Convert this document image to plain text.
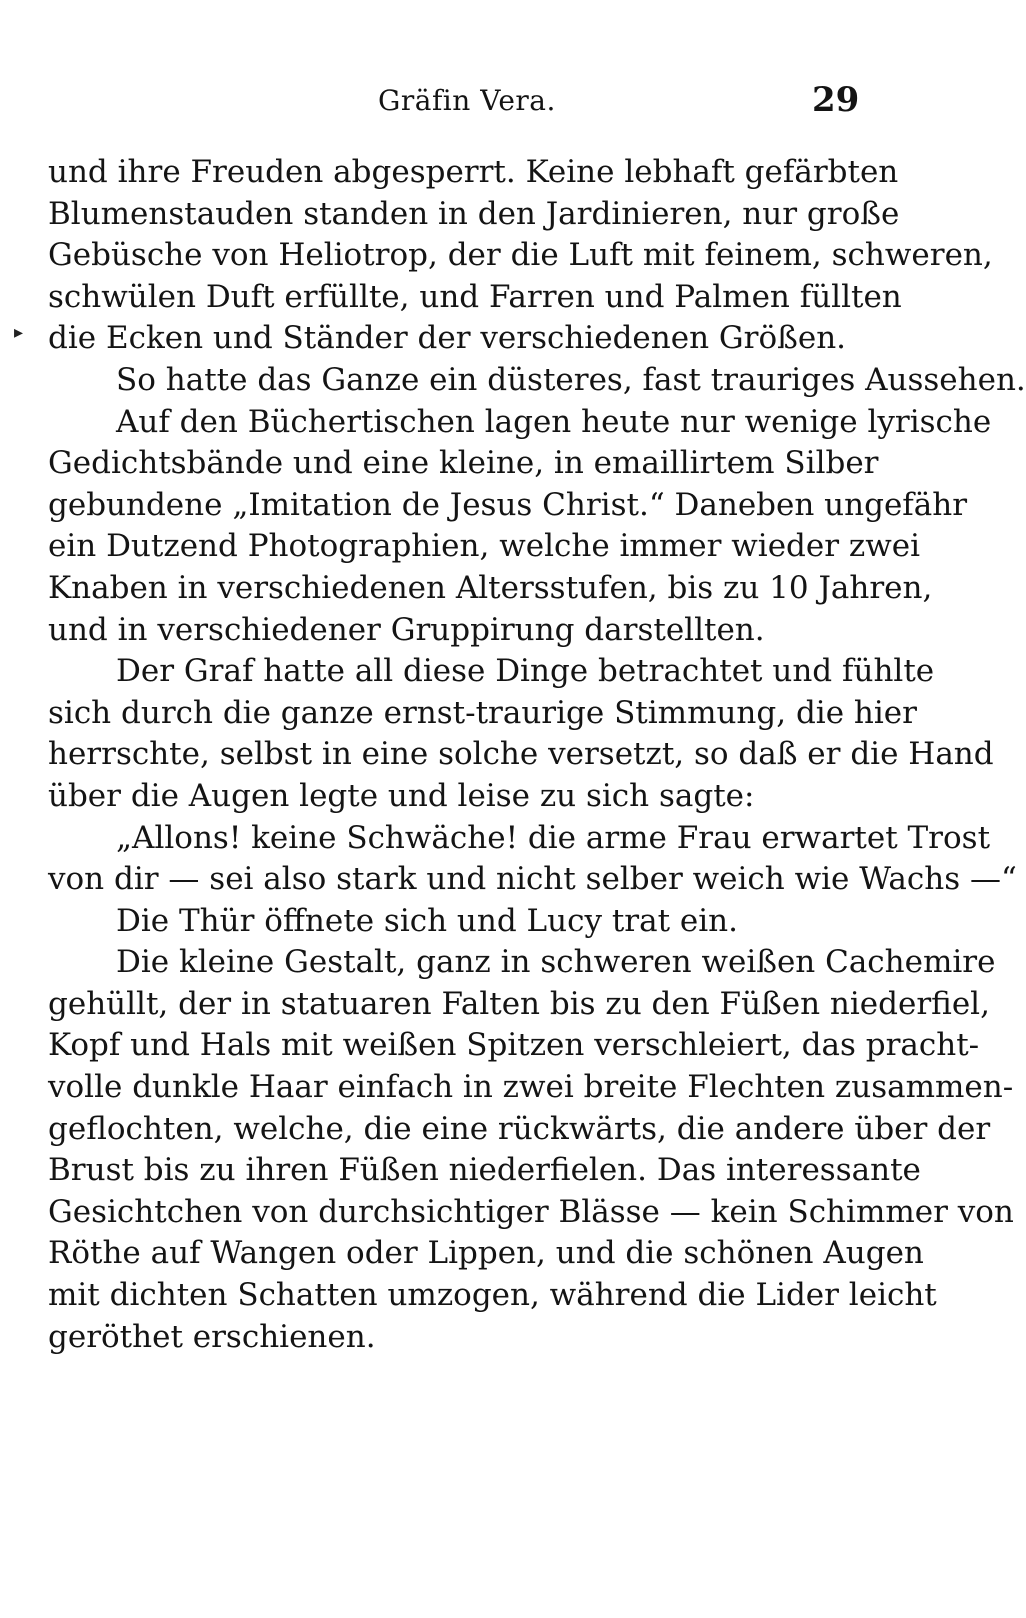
Gräfin Vera.	29
▸
und ihre Freuden abgesperrt. Keine lebhaft gefärbten
Blumenstauden standen in den Jardinieren, nur große
Gebüsche von Heliotrop, der die Luft mit feinem, schweren,
schwülen Duft erfüllte, und Farren und Palmen füllten
die Ecken und Ständer der verschiedenen Größen.
So hatte das Ganze ein düsteres, fast trauriges Aussehen.
Auf den Büchertischen lagen heute nur wenige lyrische
Gedichtsbände und eine kleine, in emaillirtem Silber
gebundene „Imitation de Jesus Christ.“ Daneben ungefähr
ein Dutzend Photographien, welche immer wieder zwei
Knaben in verschiedenen Altersstufen, bis zu 10 Jahren,
und in verschiedener Gruppirung darstellten.
Der Graf hatte all diese Dinge betrachtet und fühlte
sich durch die ganze ernst-traurige Stimmung, die hier
herrschte, selbst in eine solche versetzt, so daß er die Hand
über die Augen legte und leise zu sich sagte:
„Allons! keine Schwäche! die arme Frau erwartet Trost
von dir — sei also stark und nicht selber weich wie Wachs —“
Die Thür öffnete sich und Lucy trat ein.
Die kleine Gestalt, ganz in schweren weißen Cachemire
gehüllt, der in statuaren Falten bis zu den Füßen niederfiel,
Kopf und Hals mit weißen Spitzen verschleiert, das pracht-
volle dunkle Haar einfach in zwei breite Flechten zusammen-
geflochten, welche, die eine rückwärts, die andere über der
Brust bis zu ihren Füßen niederfielen. Das interessante
Gesichtchen von durchsichtiger Blässe — kein Schimmer von
Röthe auf Wangen oder Lippen, und die schönen Augen
mit dichten Schatten umzogen, während die Lider leicht
geröthet erschienen.
